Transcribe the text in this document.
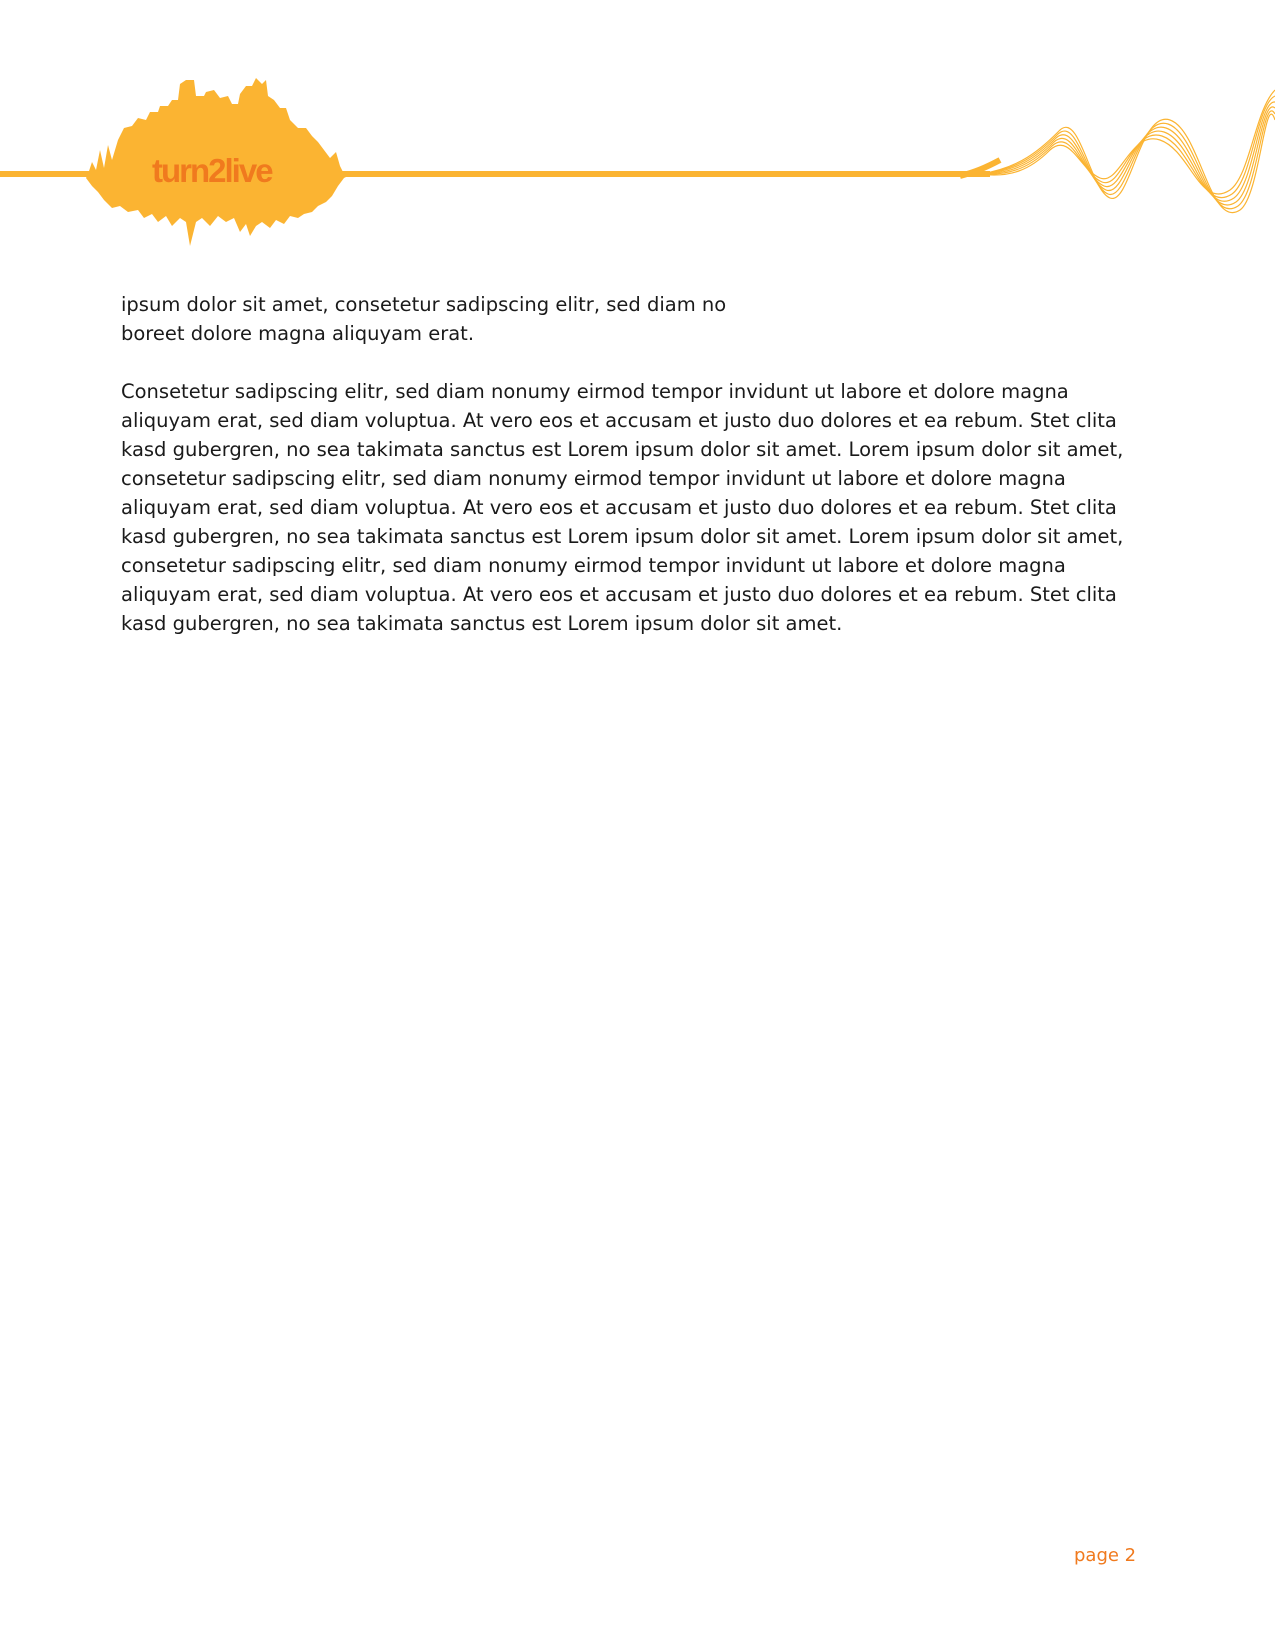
turn2live

ipsum dolor sit amet, consetetur sadipscing elitr, sed diam no
boreet dolore magna aliquyam erat.

Consetetur sadipscing elitr, sed diam nonumy eirmod tempor invidunt ut labore et dolore magna aliquyam erat, sed diam voluptua. At vero eos et accusam et justo duo dolores et ea rebum. Stet clita kasd gubergren, no sea takimata sanctus est Lorem ipsum dolor sit amet. Lorem ipsum dolor sit amet, consetetur sadipscing elitr, sed diam nonumy eirmod tempor invidunt ut labore et dolore magna aliquyam erat, sed diam voluptua. At vero eos et accusam et justo duo dolores et ea rebum. Stet clita kasd gubergren, no sea takimata sanctus est Lorem ipsum dolor sit amet. Lorem ipsum dolor sit amet, consetetur sadipscing elitr, sed diam nonumy eirmod tempor invidunt ut labore et dolore magna aliquyam erat, sed diam voluptua. At vero eos et accusam et justo duo dolores et ea rebum. Stet clita kasd gubergren, no sea takimata sanctus est Lorem ipsum dolor sit amet.

page 2
